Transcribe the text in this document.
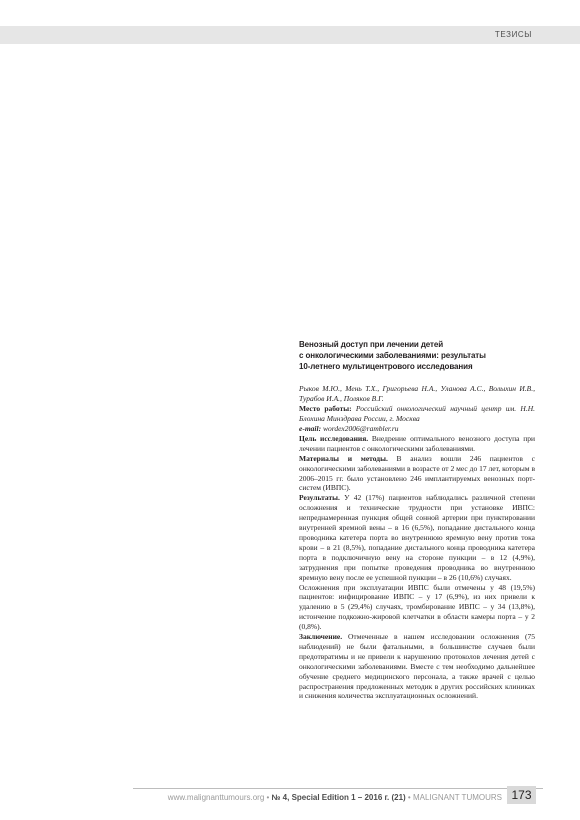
ТЕЗИСЫ
Венозный доступ при лечении детей
с онкологическими заболеваниями: результаты
10-летнего мультицентрового исследования

Рыков М.Ю., Мень Т.Х., Григорьева Н.А., Уланова А.С., Волыхин И.В., Турабов И.А., Поляков В.Г.

Место работы: Российский онкологический научный центр им. Н.Н. Блохина Минздрава России, г. Москва

e-mail: wordex2006@rambler.ru

Цель исследования. Внедрение оптимального венозного доступа при лечении пациентов с онкологическими заболеваниями.

Материалы и методы. В анализ вошли 246 пациентов с онкологическими заболеваниями в возрасте от 2 мес до 17 лет, которым в 2006–2015 гг. было установлено 246 имплантируемых венозных порт-систем (ИВПС).

Результаты. У 42 (17%) пациентов наблюдались различной степени осложнения и технические трудности при установке ИВПС: непреднамеренная пункция общей сонной артерии при пунктировании внутренней яремной вены – в 16 (6,5%), попадание дистального конца проводника катетера порта во внутреннюю яремную вену против тока крови – в 21 (8,5%), попадание дистального конца проводника катетера порта в подключичную вену на стороне пункции – в 12 (4,9%), затруднения при попытке проведения проводника во внутреннюю яремную вену после ее успешной пункции – в 26 (10,6%) случаях.

Осложнения при эксплуатации ИВПС были отмечены у 48 (19,5%) пациентов: инфицирование ИВПС – у 17 (6,9%), из них привели к удалению в 5 (29,4%) случаях, тромбирование ИВПС – у 34 (13,8%), истончение подкожно-жировой клетчатки в области камеры порта – у 2 (0,8%).

Заключение. Отмеченные в нашем исследовании осложнения (75 наблюдений) не были фатальными, в большинстве случаев были предотвратимы и не привели к нарушению протоколов лечения детей с онкологическими заболеваниями. Вместе с тем необходимо дальнейшее обучение среднего медицинского персонала, а также врачей с целью распространения предложенных методик в других российских клиниках и снижения количества эксплуатационных осложнений.

www.malignanttumours.org • № 4, Special Edition 1 – 2016 г. (21) • MALIGNANT TUMOURS 173
